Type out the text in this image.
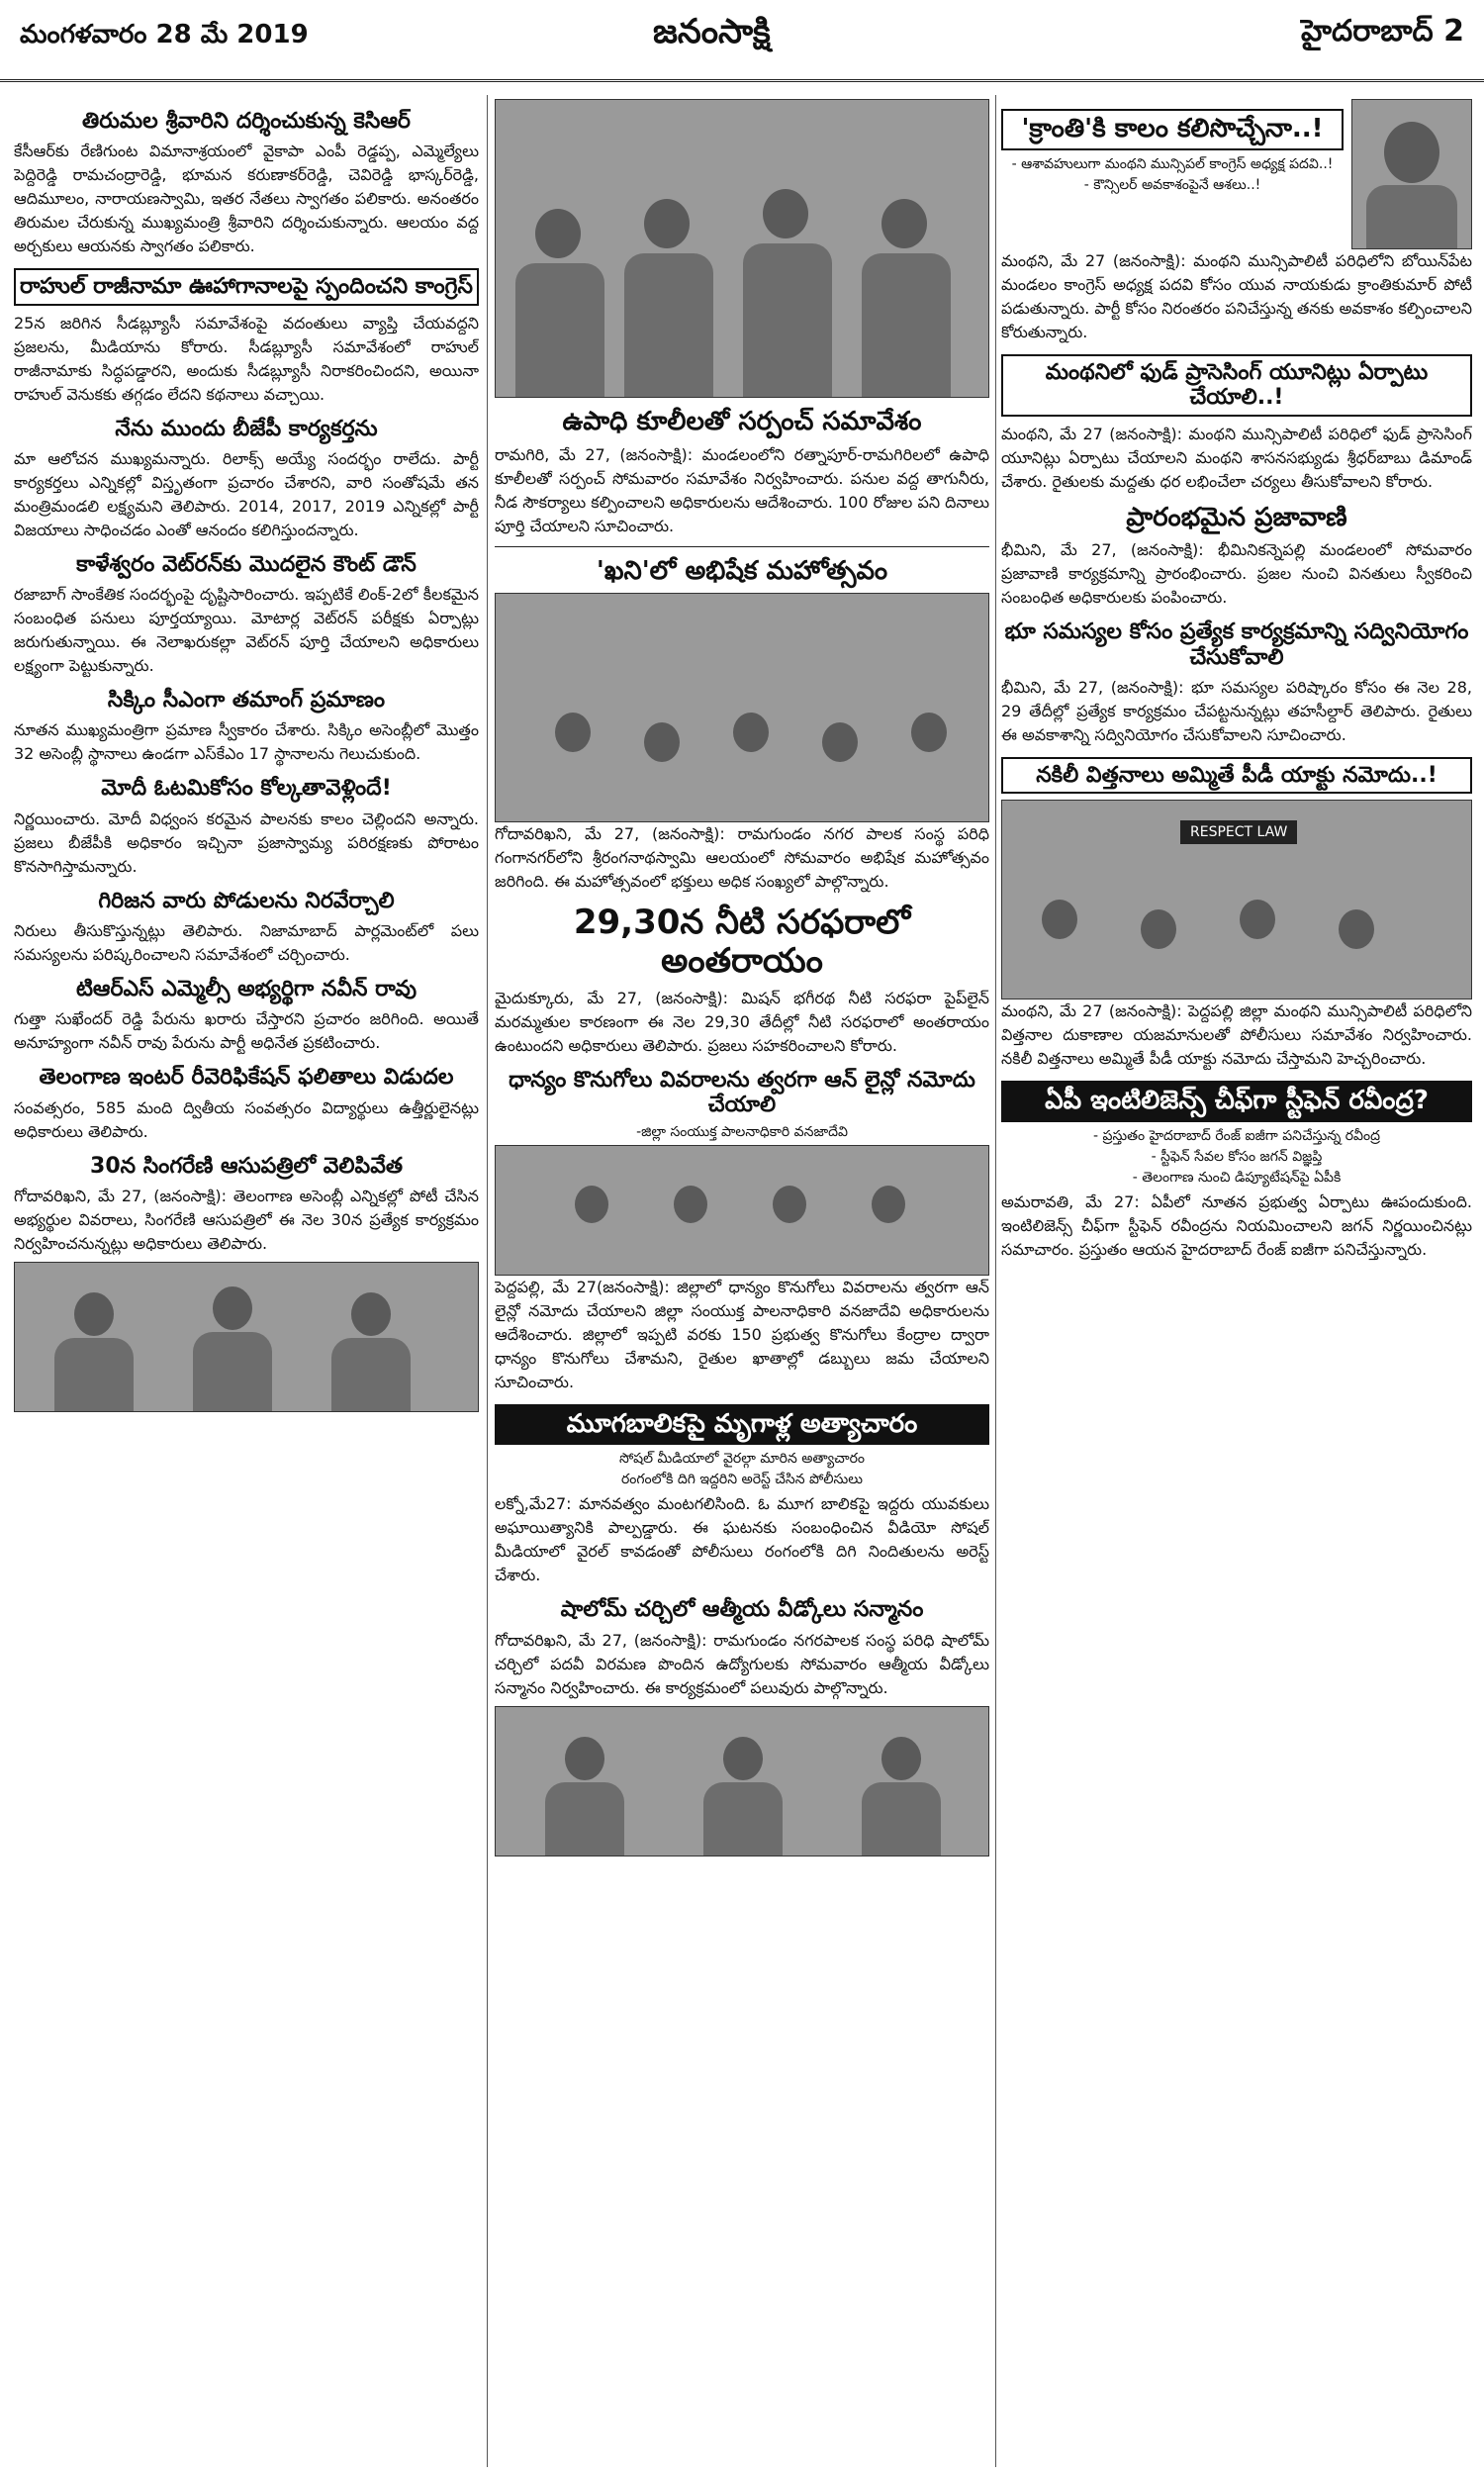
మంగళవారం 28 మే 2019	జనంసాక్షి	హైదరాబాద్ 2
తిరుమల శ్రీవారిని దర్శించుకున్న కెసిఆర్

కేసీఆర్‌కు రేణిగుంట విమానాశ్రయంలో వైకాపా ఎంపీ రెడ్డప్ప, ఎమ్మెల్యేలు పెద్దిరెడ్డి రామచంద్రారెడ్డి, భూమన కరుణాకర్‌రెడ్డి, చెవిరెడ్డి భాస్కర్‌రెడ్డి, ఆదిమూలం, నారాయణస్వామి, ఇతర నేతలు స్వాగతం పలికారు. అనంతరం తిరుమల చేరుకున్న ముఖ్యమంత్రి శ్రీవారిని దర్శించుకున్నారు. ఆలయం వద్ద అర్చకులు ఆయనకు స్వాగతం పలికారు.

రాహుల్ రాజీనామా ఊహాగానాలపై స్పందించని కాంగ్రెస్

25న జరిగిన సీడబ్ల్యూసీ సమావేశంపై వదంతులు వ్యాప్తి చేయవద్దని ప్రజలను, మీడియాను కోరారు. సీడబ్ల్యూసీ సమావేశంలో రాహుల్ రాజీనామాకు సిద్ధపడ్డారని, అందుకు సీడబ్ల్యూసీ నిరాకరించిందని, అయినా రాహుల్ వెనుకకు తగ్గడం లేదని కథనాలు వచ్చాయి.

నేను ముందు బీజేపీ కార్యకర్తను

మా ఆలోచన ముఖ్యమన్నారు. రిలాక్స్ అయ్యే సందర్భం రాలేదు. పార్టీ కార్యకర్తలు ఎన్నికల్లో విస్తృతంగా ప్రచారం చేశారని, వారి సంతోషమే తన మంత్రిమండలి లక్ష్యమని తెలిపారు. 2014, 2017, 2019 ఎన్నికల్లో పార్టీ విజయాలు సాధించడం ఎంతో ఆనందం కలిగిస్తుందన్నారు.

కాళేశ్వరం వెట్‌రన్‌కు మొదలైన కౌంట్ డౌన్

రజాబాగ్ సాంకేతిక సందర్భంపై దృష్టిసారించారు. ఇప్పటికే లింక్-2లో కీలకమైన సంబంధిత పనులు పూర్తయ్యాయి. మోటార్ల వెట్‌రన్ పరీక్షకు ఏర్పాట్లు జరుగుతున్నాయి. ఈ నెలాఖరుకల్లా వెట్‌రన్ పూర్తి చేయాలని అధికారులు లక్ష్యంగా పెట్టుకున్నారు.

సిక్కిం సీఎంగా తమాంగ్ ప్రమాణం

నూతన ముఖ్యమంత్రిగా ప్రమాణ స్వీకారం చేశారు. సిక్కిం అసెంబ్లీలో మొత్తం 32 అసెంబ్లీ స్థానాలు ఉండగా ఎస్‌కేఎం 17 స్థానాలను గెలుచుకుంది.

మోదీ ఓటమికోసం కోల్కతావెళ్లిందే!

నిర్ణయించారు. మోదీ విధ్వంస కరమైన పాలనకు కాలం చెల్లిందని అన్నారు. ప్రజలు బీజేపీకి అధికారం ఇచ్చినా ప్రజాస్వామ్య పరిరక్షణకు పోరాటం కొనసాగిస్తామన్నారు.

గిరిజన వారు పోడులను నిరవేర్చాలి

నిరులు తీసుకొస్తున్నట్లు తెలిపారు. నిజామాబాద్ పార్లమెంట్‌లో పలు సమస్యలను పరిష్కరించాలని సమావేశంలో చర్చించారు.

టిఆర్ఎస్ ఎమ్మెల్సీ అభ్యర్థిగా నవీన్ రావు

గుత్తా సుఖేందర్ రెడ్డి పేరును ఖరారు చేస్తారని ప్రచారం జరిగింది. అయితే అనూహ్యంగా నవీన్ రావు పేరును పార్టీ అధినేత ప్రకటించారు.

తెలంగాణ ఇంటర్ రీవెరిఫికేషన్ ఫలితాలు విడుదల

సంవత్సరం, 585 మంది ద్వితీయ సంవత్సరం విద్యార్థులు ఉత్తీర్ణులైనట్లు అధికారులు తెలిపారు.

30న సింగరేణి ఆసుపత్రిలో వెలిపివేత

గోదావరిఖని, మే 27, (జనంసాక్షి): తెలంగాణ అసెంబ్లీ ఎన్నికల్లో పోటీ చేసిన అభ్యర్థుల వివరాలు, సింగరేణి ఆసుపత్రిలో ఈ నెల 30న ప్రత్యేక కార్యక్రమం నిర్వహించనున్నట్లు అధికారులు తెలిపారు.

ఉపాధి కూలీలతో సర్పంచ్ సమావేశం

రామగిరి, మే 27, (జనంసాక్షి): మండలంలోని రత్నాపూర్-రామగిరిలలో ఉపాధి కూలీలతో సర్పంచ్ సోమవారం సమావేశం నిర్వహించారు. పనుల వద్ద తాగునీరు, నీడ సౌకర్యాలు కల్పించాలని అధికారులను ఆదేశించారు. 100 రోజుల పని దినాలు పూర్తి చేయాలని సూచించారు.

'ఖని'లో అభిషేక మహోత్సవం

గోదావరిఖని, మే 27, (జనంసాక్షి): రామగుండం నగర పాలక సంస్థ పరిధి గంగానగర్‌లోని శ్రీరంగనాథస్వామి ఆలయంలో సోమవారం అభిషేక మహోత్సవం జరిగింది. ఈ మహోత్సవంలో భక్తులు అధిక సంఖ్యలో పాల్గొన్నారు.

29,30న నీటి సరఫరాలో అంతరాయం

మైదుక్కూరు, మే 27, (జనంసాక్షి): మిషన్ భగీరథ నీటి సరఫరా పైప్‌లైన్ మరమ్మతుల కారణంగా ఈ నెల 29,30 తేదీల్లో నీటి సరఫరాలో అంతరాయం ఉంటుందని అధికారులు తెలిపారు. ప్రజలు సహకరించాలని కోరారు.

ధాన్యం కొనుగోలు వివరాలను త్వరగా ఆన్ లైన్లో నమోదు చేయాలి
-జిల్లా సంయుక్త పాలనాధికారి వనజాదేవి

పెద్దపల్లి, మే 27(జనంసాక్షి): జిల్లాలో ధాన్యం కొనుగోలు వివరాలను త్వరగా ఆన్ లైన్లో నమోదు చేయాలని జిల్లా సంయుక్త పాలనాధికారి వనజాదేవి అధికారులను ఆదేశించారు. జిల్లాలో ఇప్పటి వరకు 150 ప్రభుత్వ కొనుగోలు కేంద్రాల ద్వారా ధాన్యం కొనుగోలు చేశామని, రైతుల ఖాతాల్లో డబ్బులు జమ చేయాలని సూచించారు.

మూగబాలికపై మృగాళ్ల అత్యాచారం
సోషల్ మీడియాలో వైరల్గా మారిన అత్యాచారం
రంగంలోకి దిగి ఇద్దరిని అరెస్ట్ చేసిన పోలీసులు

లక్నో,మే27: మానవత్వం మంటగలిసింది. ఓ మూగ బాలికపై ఇద్దరు యువకులు అఘాయిత్యానికి పాల్పడ్డారు. ఈ ఘటనకు సంబంధించిన వీడియో సోషల్ మీడియాలో వైరల్ కావడంతో పోలీసులు రంగంలోకి దిగి నిందితులను అరెస్ట్ చేశారు.

షాలోమ్ చర్చిలో ఆత్మీయ వీడ్కోలు సన్మానం

గోదావరిఖని, మే 27, (జనంసాక్షి): రామగుండం నగరపాలక సంస్థ పరిధి షాలోమ్ చర్చిలో పదవీ విరమణ పొందిన ఉద్యోగులకు సోమవారం ఆత్మీయ వీడ్కోలు సన్మానం నిర్వహించారు. ఈ కార్యక్రమంలో పలువురు పాల్గొన్నారు.

'క్రాంతి'కి కాలం కలిసొచ్చేనా..!
- ఆశావహులుగా మంథని మున్సిపల్ కాంగ్రెస్ అధ్యక్ష పదవి..!
- కౌన్సిలర్ అవకాశంపైనే ఆశలు..!

మంథని, మే 27 (జనంసాక్షి): మంథని మున్సిపాలిటీ పరిధిలోని బోయిన్‌పేట మండలం కాంగ్రెస్ అధ్యక్ష పదవి కోసం యువ నాయకుడు క్రాంతికుమార్ పోటీ పడుతున్నారు. పార్టీ కోసం నిరంతరం పనిచేస్తున్న తనకు అవకాశం కల్పించాలని కోరుతున్నారు.

మంథనిలో ఫుడ్ ప్రాసెసింగ్ యూనిట్లు ఏర్పాటు చేయాలి..!

మంథని, మే 27 (జనంసాక్షి): మంథని మున్సిపాలిటీ పరిధిలో ఫుడ్ ప్రాసెసింగ్ యూనిట్లు ఏర్పాటు చేయాలని మంథని శాసనసభ్యుడు శ్రీధర్‌బాబు డిమాండ్ చేశారు. రైతులకు మద్దతు ధర లభించేలా చర్యలు తీసుకోవాలని కోరారు.

ప్రారంభమైన ప్రజావాణి

భీమిని, మే 27, (జనంసాక్షి): భీమినికన్నెపల్లి మండలంలో సోమవారం ప్రజావాణి కార్యక్రమాన్ని ప్రారంభించారు. ప్రజల నుంచి వినతులు స్వీకరించి సంబంధిత అధికారులకు పంపించారు.

భూ సమస్యల కోసం ప్రత్యేక కార్యక్రమాన్ని సద్వినియోగం చేసుకోవాలి

భీమిని, మే 27, (జనంసాక్షి): భూ సమస్యల పరిష్కారం కోసం ఈ నెల 28, 29 తేదీల్లో ప్రత్యేక కార్యక్రమం చేపట్టనున్నట్లు తహసీల్దార్ తెలిపారు. రైతులు ఈ అవకాశాన్ని సద్వినియోగం చేసుకోవాలని సూచించారు.

నకిలీ విత్తనాలు అమ్మితే పీడీ యాక్టు నమోదు..!
RESPECT LAW

మంథని, మే 27 (జనంసాక్షి): పెద్దపల్లి జిల్లా మంథని మున్సిపాలిటీ పరిధిలోని విత్తనాల దుకాణాల యజమానులతో పోలీసులు సమావేశం నిర్వహించారు. నకిలీ విత్తనాలు అమ్మితే పీడీ యాక్టు నమోదు చేస్తామని హెచ్చరించారు.

ఏపీ ఇంటిలిజెన్స్ చీఫ్‌గా స్టీఫెన్ రవీంద్ర?
- ప్రస్తుతం హైదరాబాద్ రేంజ్ ఐజీగా పనిచేస్తున్న రవీంద్ర
- స్టీఫెన్ సేవల కోసం జగన్ విజ్ఞప్తి
- తెలంగాణ నుంచి డిప్యూటేషన్‌పై ఏపీకి

అమరావతి, మే 27: ఏపీలో నూతన ప్రభుత్వ ఏర్పాటు ఊపందుకుంది. ఇంటిలిజెన్స్ చీఫ్‌గా స్టీఫెన్ రవీంద్రను నియమించాలని జగన్ నిర్ణయించినట్లు సమాచారం. ప్రస్తుతం ఆయన హైదరాబాద్ రేంజ్ ఐజీగా పనిచేస్తున్నారు.
